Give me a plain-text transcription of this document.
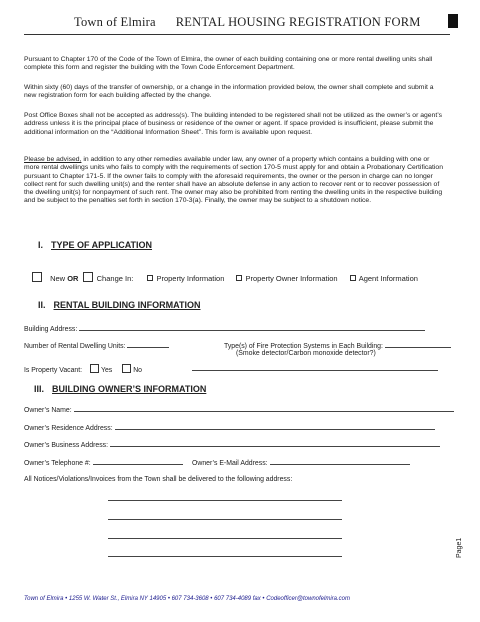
Town of Elmira      RENTAL HOUSING REGISTRATION FORM
Pursuant to Chapter 170 of the Code of the Town of Elmira, the owner of each building containing one or more rental dwelling units shall complete this form and register the building with the Town Code Enforcement Department.
Within sixty (60) days of the transfer of ownership, or a change in the information provided below, the owner shall complete and submit a new registration form for each building affected by the change.
Post Office Boxes shall not be accepted as address(s). The building intended to be registered shall not be utilized as the owner’s or agent’s address unless it is the principal place of business or residence of the owner or agent. If space provided is insufficient, please submit the additional information on the “Additional Information Sheet”. This form is available upon request.
Please be advised, in addition to any other remedies available under law, any owner of a property which contains a building with one or more rental dwellings units who fails to comply with the requirements of section 170-5 must apply for and obtain a Probationary Certification pursuant to Chapter 171-5. If the owner fails to comply with the aforesaid requirements, the owner or the person in charge can no longer collect rent for such dwelling unit(s) and the renter shall have an absolute defense in any action to recover rent or to recover possession of the dwelling unit(s) for nonpayment of such rent. The owner may also be prohibited from renting the dwelling units in the respective building and be subject to the penalties set forth in section 170-3(a). Finally, the owner may be subject to a shutdown notice.
I. TYPE OF APPLICATION
New OR Change In:	Property Information	Property Owner Information	Agent Information
II. RENTAL BUILDING INFORMATION
Building Address:
Number of Rental Dwelling Units:	Type(s) of Fire Protection Systems in Each Building:
(Smoke detector/Carbon monoxide detector?)
Is Property Vacant:	Yes	No
III. BUILDING OWNER’S INFORMATION
Owner’s Name:
Owner’s Residence Address:
Owner’s Business Address:
Owner’s Telephone #:	Owner’s E-Mail Address:
All Notices/Violations/Invoices from the Town shall be delivered to the following address:
Page1
Town of Elmira • 1255 W. Water St., Elmira NY 14905 • 607 734-3608 • 607 734-4089 fax • Codeofficer@townofelmira.com
